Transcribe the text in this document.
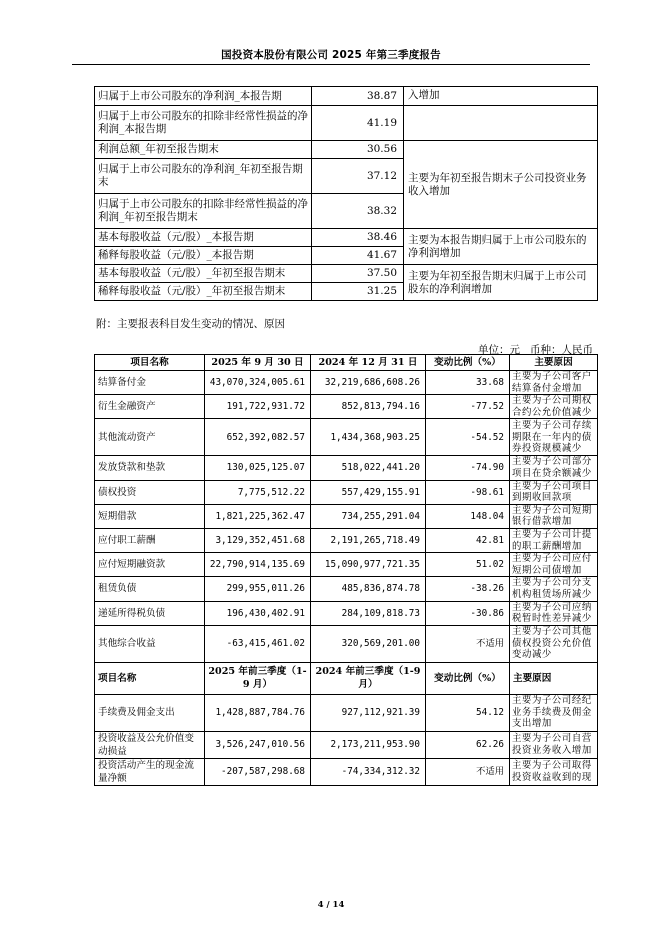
国投资本股份有限公司 2025 年第三季度报告
归属于上市公司股东的净利润_本报告期	38.87	入增加
归属于上市公司股东的扣除非经常性损益的净利润_本报告期	41.19	
利润总额_年初至报告期末	30.56	主要为年初至报告期末子公司投资业务收入增加
归属于上市公司股东的净利润_年初至报告期末	37.12	
归属于上市公司股东的扣除非经常性损益的净利润_年初至报告期末	38.32	
基本每股收益（元/股）_本报告期	38.46	主要为本报告期归属于上市公司股东的净利润增加
稀释每股收益（元/股）_本报告期	41.67	
基本每股收益（元/股）_年初至报告期末	37.50	主要为年初至报告期末归属于上市公司股东的净利润增加
稀释每股收益（元/股）_年初至报告期末	31.25	
附：主要报表科目发生变动的情况、原因
单位：元   币种：人民币
项目名称	2025 年 9 月 30 日	2024 年 12 月 31 日	变动比例（%）	主要原因
结算备付金	43,070,324,005.61	32,219,686,608.26	33.68	主要为子公司客户结算备付金增加
衍生金融资产	191,722,931.72	852,813,794.16	-77.52	主要为子公司期权合约公允价值减少
其他流动资产	652,392,082.57	1,434,368,903.25	-54.52	主要为子公司存续期限在一年内的债券投资规模减少
发放贷款和垫款	130,025,125.07	518,022,441.20	-74.90	主要为子公司部分项目在贷余额减少
债权投资	7,775,512.22	557,429,155.91	-98.61	主要为子公司项目到期收回款项
短期借款	1,821,225,362.47	734,255,291.04	148.04	主要为子公司短期银行借款增加
应付职工薪酬	3,129,352,451.68	2,191,265,718.49	42.81	主要为子公司计提的职工薪酬增加
应付短期融资款	22,790,914,135.69	15,090,977,721.35	51.02	主要为子公司应付短期公司债增加
租赁负债	299,955,011.26	485,836,874.78	-38.26	主要为子公司分支机构租赁场所减少
递延所得税负债	196,430,402.91	284,109,818.73	-30.86	主要为子公司应纳税暂时性差异减少
其他综合收益	-63,415,461.02	320,569,201.00	不适用	主要为子公司其他债权投资公允价值变动减少
项目名称	2025 年前三季度（1-9 月）	2024 年前三季度（1-9 月）	变动比例（%）	主要原因
手续费及佣金支出	1,428,887,784.76	927,112,921.39	54.12	主要为子公司经纪业务手续费及佣金支出增加
投资收益及公允价值变动损益	3,526,247,010.56	2,173,211,953.90	62.26	主要为子公司自营投资业务收入增加
投资活动产生的现金流量净额	-207,587,298.68	-74,334,312.32	不适用	主要为子公司取得投资收益收到的现
4 / 14
